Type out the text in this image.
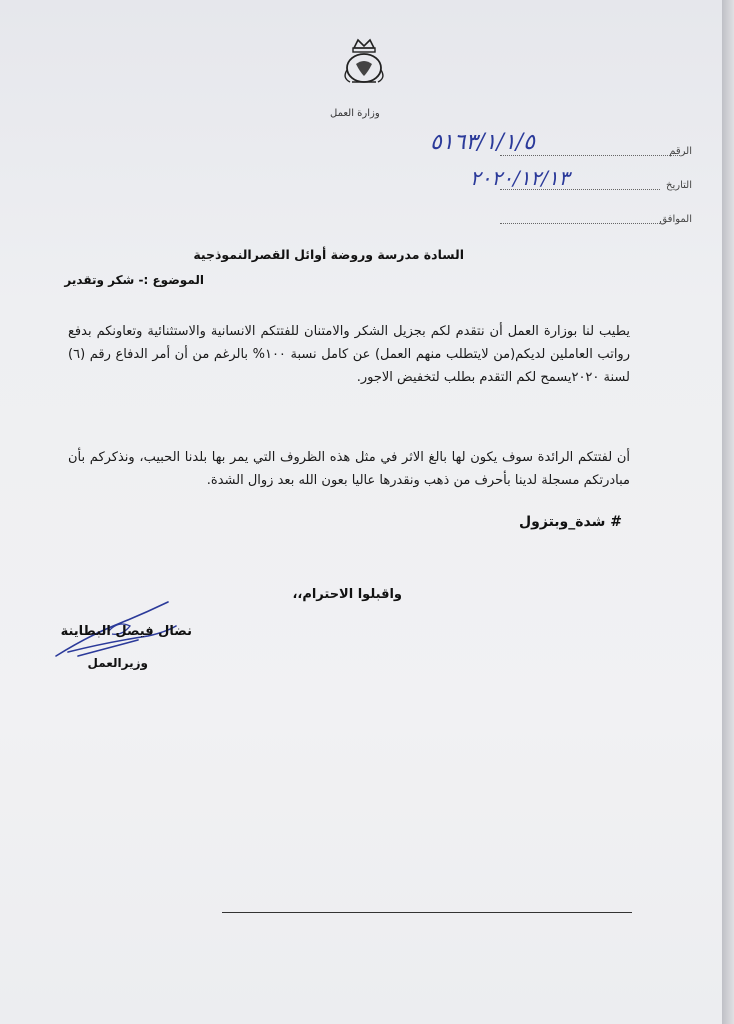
وزارة العمل
الرقم
٥١٦٣/١/١/٥
التاريخ
٢٠٢٠/١٢/١٣
الموافق
السادة مدرسة وروضة أوائل القصرالنموذجية
الموضوع :- شكر وتقدير
يطيب لنا بوزارة العمل أن نتقدم لكم بجزيل الشكر والامتنان للفتتكم الانسانية والاستثنائية وتعاونكم بدفع رواتب العاملين لديكم(من لايتطلب منهم العمل) عن كامل نسبة ١٠٠% بالرغم من أن أمر الدفاع رقم (٦) لسنة ٢٠٢٠يسمح لكم التقدم بطلب لتخفيض الاجور.
أن لفتتكم الرائدة سوف يكون لها بالغ الاثر في مثل هذه الظروف التي يمر بها بلدنا الحبيب، ونذكركم بأن مبادرتكم مسجلة لدينا بأحرف من ذهب ونقدرها عاليا بعون الله بعد زوال الشدة.
# شدة_وبتزول
واقبلوا الاحترام،،
نضال فيصل البطاينة
وزيرالعمل
